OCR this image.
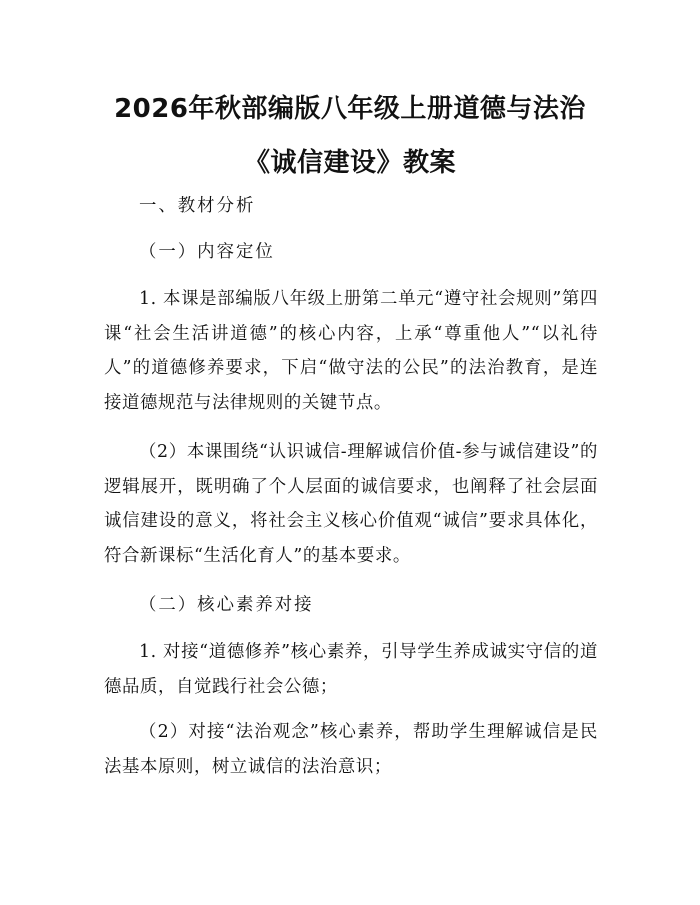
2026年秋部编版八年级上册道德与法治《诚信建设》教案

一、教材分析

（一）内容定位

1. 本课是部编版八年级上册第二单元“遵守社会规则”第四课“社会生活讲道德”的核心内容，上承“尊重他人”“以礼待人”的道德修养要求，下启“做守法的公民”的法治教育，是连接道德规范与法律规则的关键节点。

（2）本课围绕“认识诚信-理解诚信价值-参与诚信建设”的逻辑展开，既明确了个人层面的诚信要求，也阐释了社会层面诚信建设的意义，将社会主义核心价值观“诚信”要求具体化，符合新课标“生活化育人”的基本要求。

（二）核心素养对接

1. 对接“道德修养”核心素养，引导学生养成诚实守信的道德品质，自觉践行社会公德；

（2）对接“法治观念”核心素养，帮助学生理解诚信是民法基本原则，树立诚信的法治意识；
